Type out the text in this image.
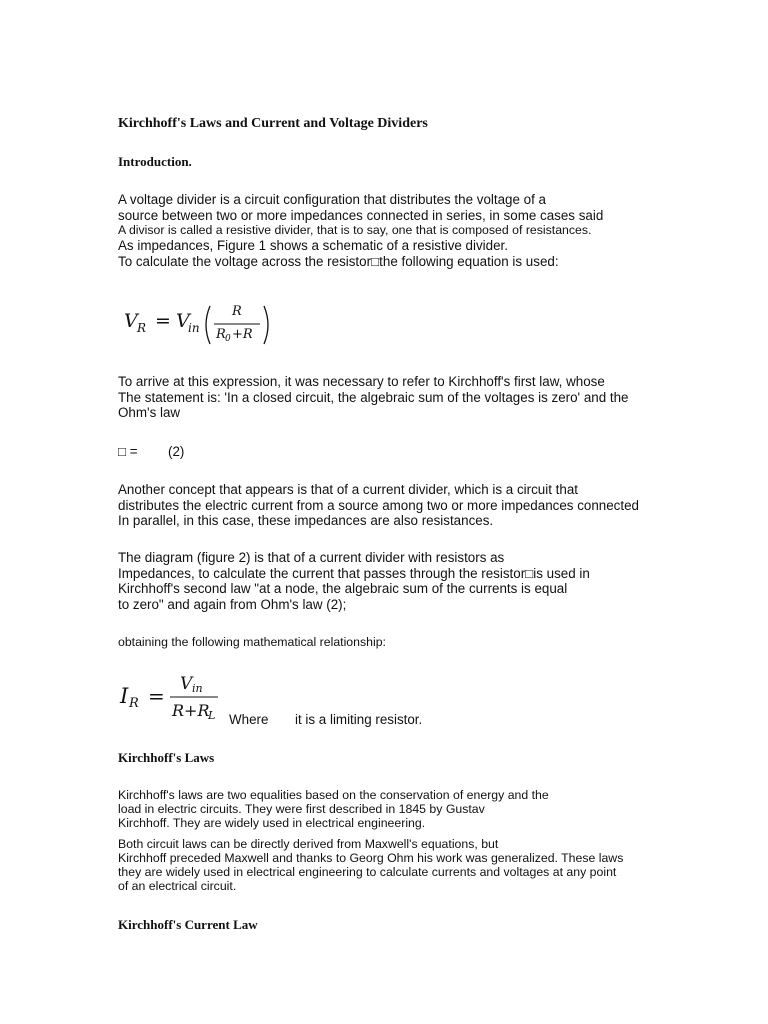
Kirchhoff's Laws and Current and Voltage Dividers
Introduction.
A voltage divider is a circuit configuration that distributes the voltage of a
source between two or more impedances connected in series, in some cases said
A divisor is called a resistive divider, that is to say, one that is composed of resistances.
As impedances, Figure 1 shows a schematic of a resistive divider.
To calculate the voltage across the resistor□the following equation is used:
V R = V
in
R
R 0 +R
To arrive at this expression, it was necessary to refer to Kirchhoff's first law, whose
The statement is: 'In a closed circuit, the algebraic sum of the voltages is zero' and the
Ohm's law
□ = (2)
Another concept that appears is that of a current divider, which is a circuit that
distributes the electric current from a source among two or more impedances connected
In parallel, in this case, these impedances are also resistances.
The diagram (figure 2) is that of a current divider with resistors as
Impedances, to calculate the current that passes through the resistor□is used in
Kirchhoff's second law "at a node, the algebraic sum of the currents is equal
to zero" and again from Ohm's law (2);
obtaining the following mathematical relationship:
I R = V in
R+R
L Where it is a limiting resistor.
Kirchhoff's Laws
Kirchhoff's laws are two equalities based on the conservation of energy and the
load in electric circuits. They were first described in 1845 by Gustav
Kirchhoff. They are widely used in electrical engineering.
Both circuit laws can be directly derived from Maxwell's equations, but
Kirchhoff preceded Maxwell and thanks to Georg Ohm his work was generalized. These laws
they are widely used in electrical engineering to calculate currents and voltages at any point
of an electrical circuit.
Kirchhoff's Current Law
